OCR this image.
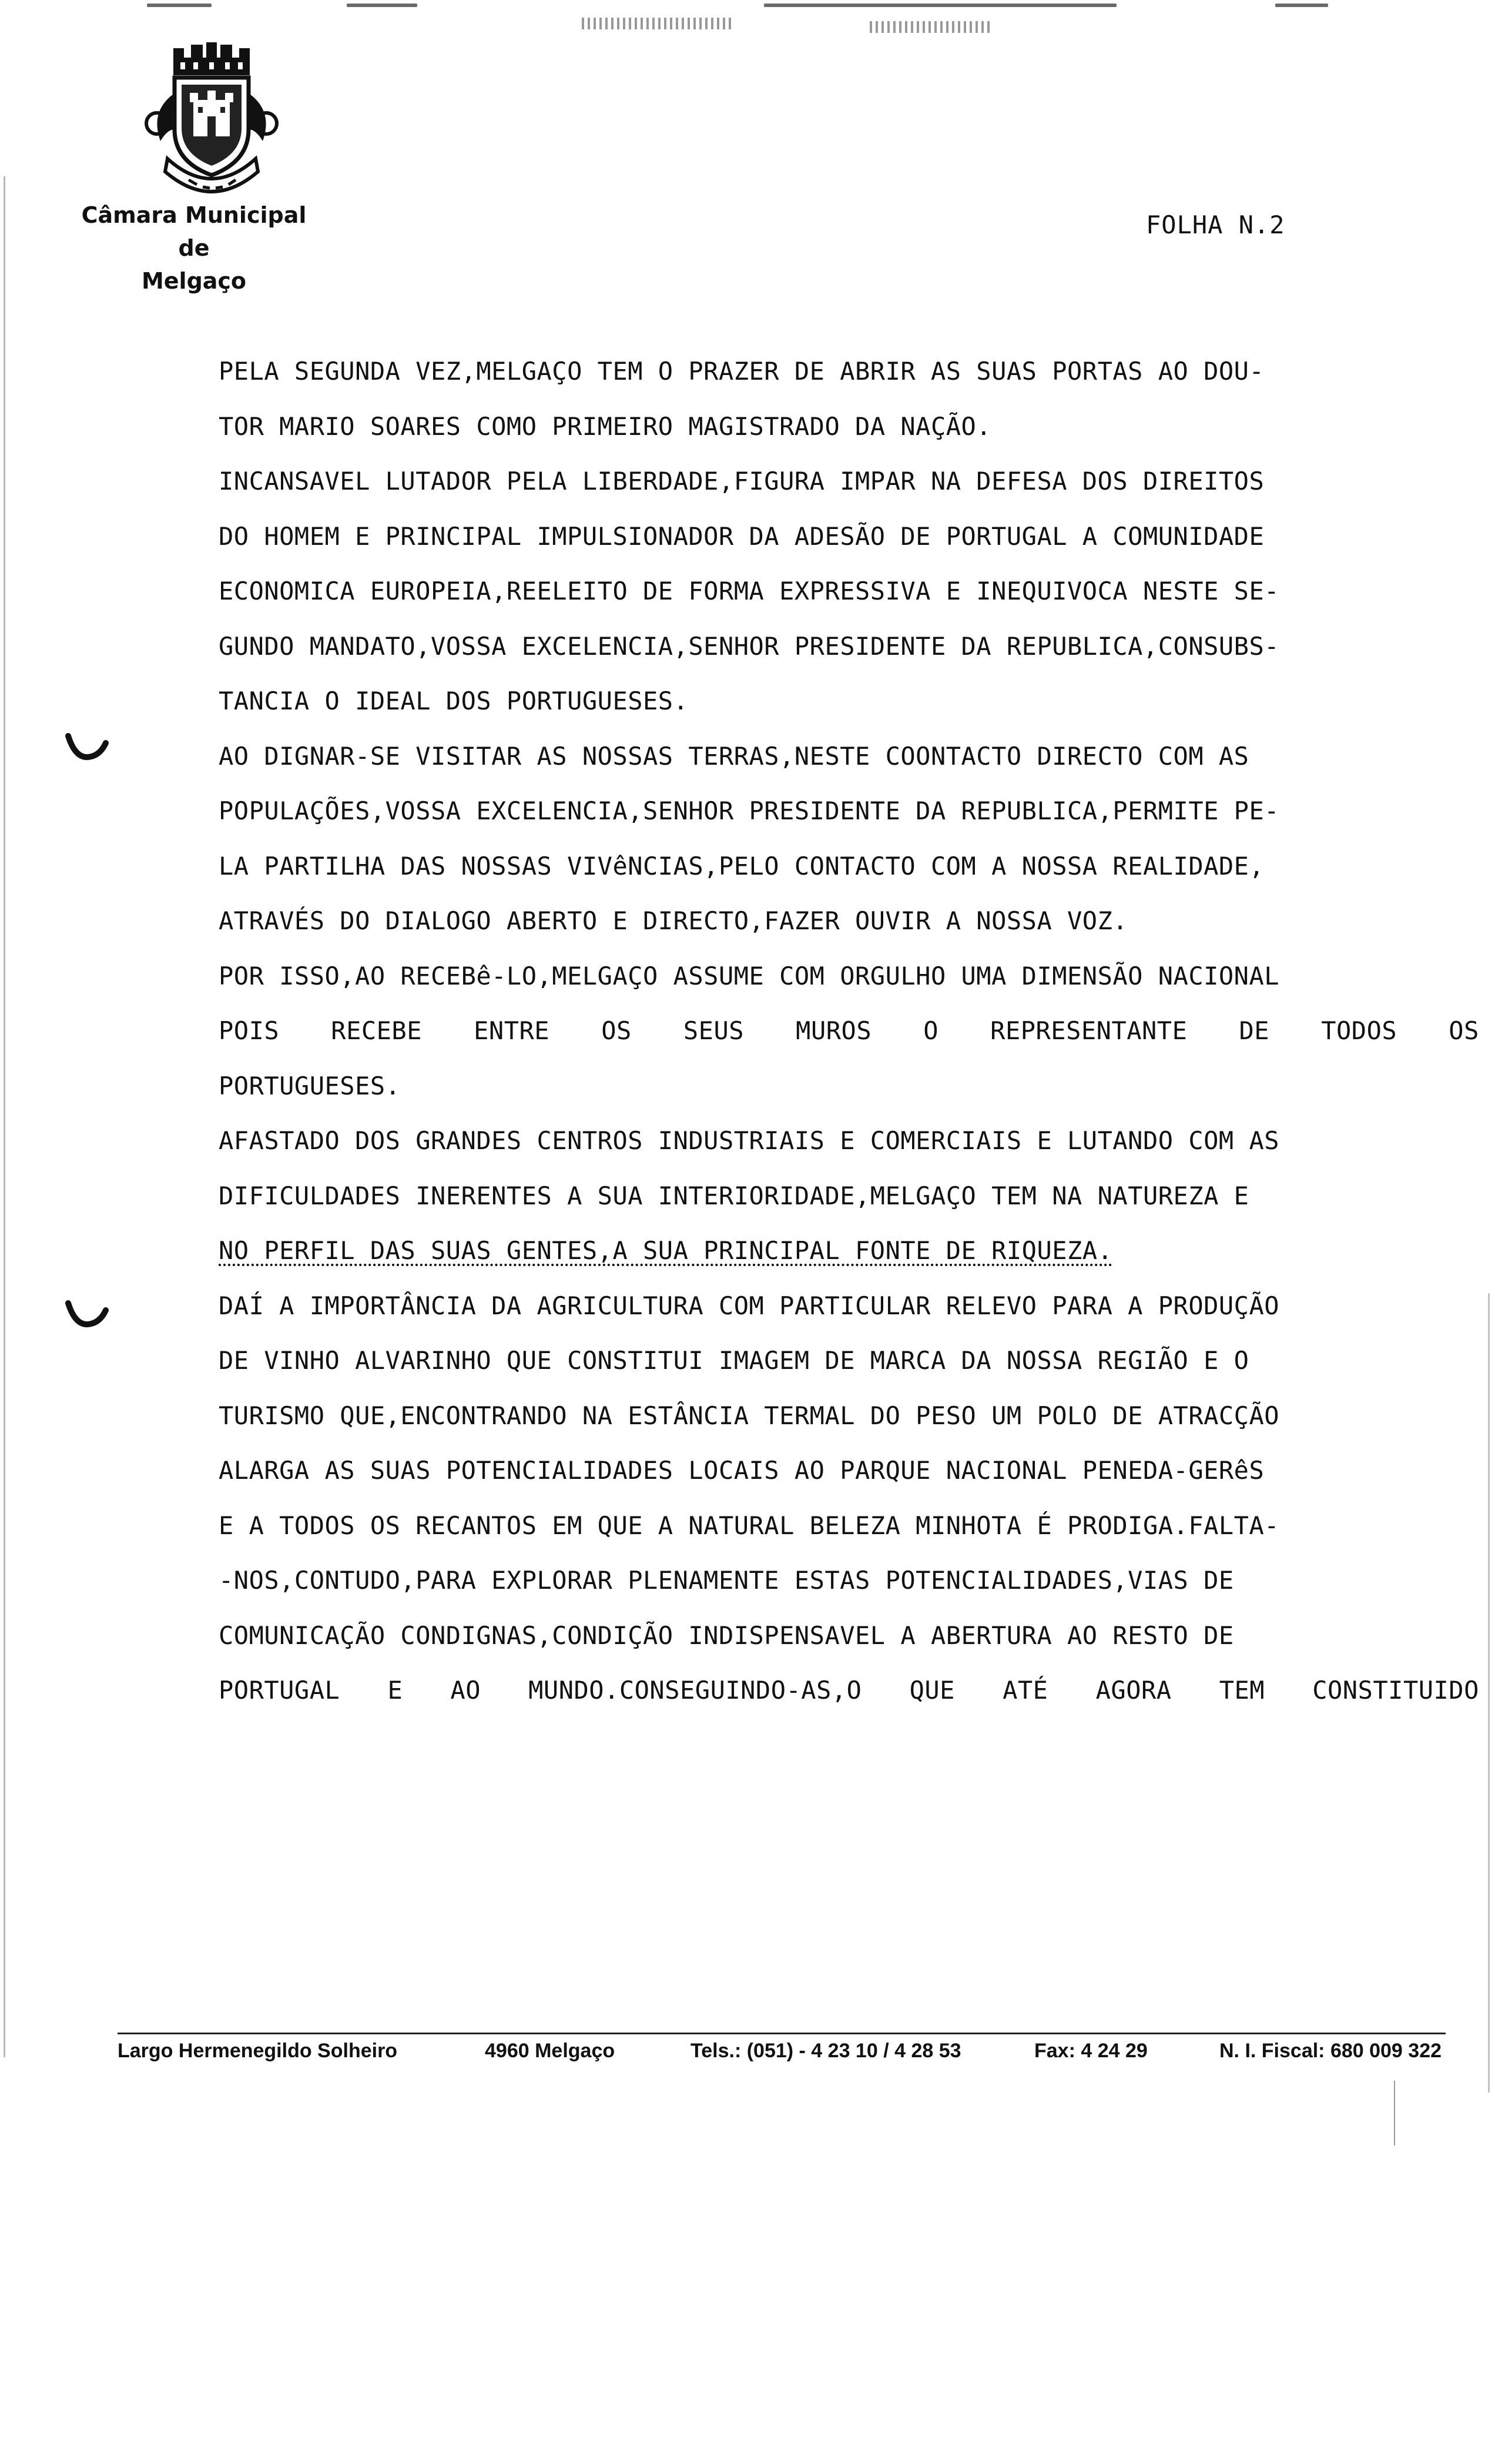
Câmara Municipal
de
Melgaço
FOLHA N.2
PELA SEGUNDA VEZ,MELGAÇO TEM O PRAZER DE ABRIR AS SUAS PORTAS AO DOU-
TOR MARIO SOARES COMO PRIMEIRO MAGISTRADO DA NAÇÃO.
INCANSAVEL LUTADOR PELA LIBERDADE,FIGURA IMPAR NA DEFESA DOS DIREITOS
DO HOMEM E PRINCIPAL IMPULSIONADOR DA ADESÃO DE PORTUGAL A COMUNIDADE
ECONOMICA EUROPEIA,REELEITO DE FORMA EXPRESSIVA E INEQUIVOCA NESTE SE-
GUNDO MANDATO,VOSSA EXCELENCIA,SENHOR PRESIDENTE DA REPUBLICA,CONSUBS-
TANCIA O IDEAL DOS PORTUGUESES.
AO DIGNAR-SE VISITAR AS NOSSAS TERRAS,NESTE COONTACTO DIRECTO COM AS
POPULAÇÕES,VOSSA EXCELENCIA,SENHOR PRESIDENTE DA REPUBLICA,PERMITE PE-
LA PARTILHA DAS NOSSAS VIVêNCIAS,PELO CONTACTO COM A NOSSA REALIDADE,
ATRAVÉS DO DIALOGO ABERTO E DIRECTO,FAZER OUVIR A NOSSA VOZ.
POR ISSO,AO RECEBê-LO,MELGAÇO ASSUME COM ORGULHO UMA DIMENSÃO NACIONAL
POIS RECEBE ENTRE OS SEUS MUROS O REPRESENTANTE DE TODOS OS
PORTUGUESES.
AFASTADO DOS GRANDES CENTROS INDUSTRIAIS E COMERCIAIS E LUTANDO COM AS
DIFICULDADES INERENTES A SUA INTERIORIDADE,MELGAÇO TEM NA NATUREZA E
NO PERFIL DAS SUAS GENTES,A SUA PRINCIPAL FONTE DE RIQUEZA.
DAÍ A IMPORTÂNCIA DA AGRICULTURA COM PARTICULAR RELEVO PARA A PRODUÇÃO
DE VINHO ALVARINHO QUE CONSTITUI IMAGEM DE MARCA DA NOSSA REGIÃO E O
TURISMO QUE,ENCONTRANDO NA ESTÂNCIA TERMAL DO PESO UM POLO DE ATRACÇÃO
ALARGA AS SUAS POTENCIALIDADES LOCAIS AO PARQUE NACIONAL PENEDA-GERêS
E A TODOS OS RECANTOS EM QUE A NATURAL BELEZA MINHOTA É PRODIGA.FALTA-
-NOS,CONTUDO,PARA EXPLORAR PLENAMENTE ESTAS POTENCIALIDADES,VIAS DE
COMUNICAÇÃO CONDIGNAS,CONDIÇÃO INDISPENSAVEL A ABERTURA AO RESTO DE
PORTUGAL E AO MUNDO.CONSEGUINDO-AS,O QUE ATÉ AGORA TEM CONSTITUIDO
Largo Hermenegildo Solheiro	4960 Melgaço	Tels.: (051) - 4 23 10 / 4 28 53	Fax: 4 24 29	N. I. Fiscal: 680 009 322
